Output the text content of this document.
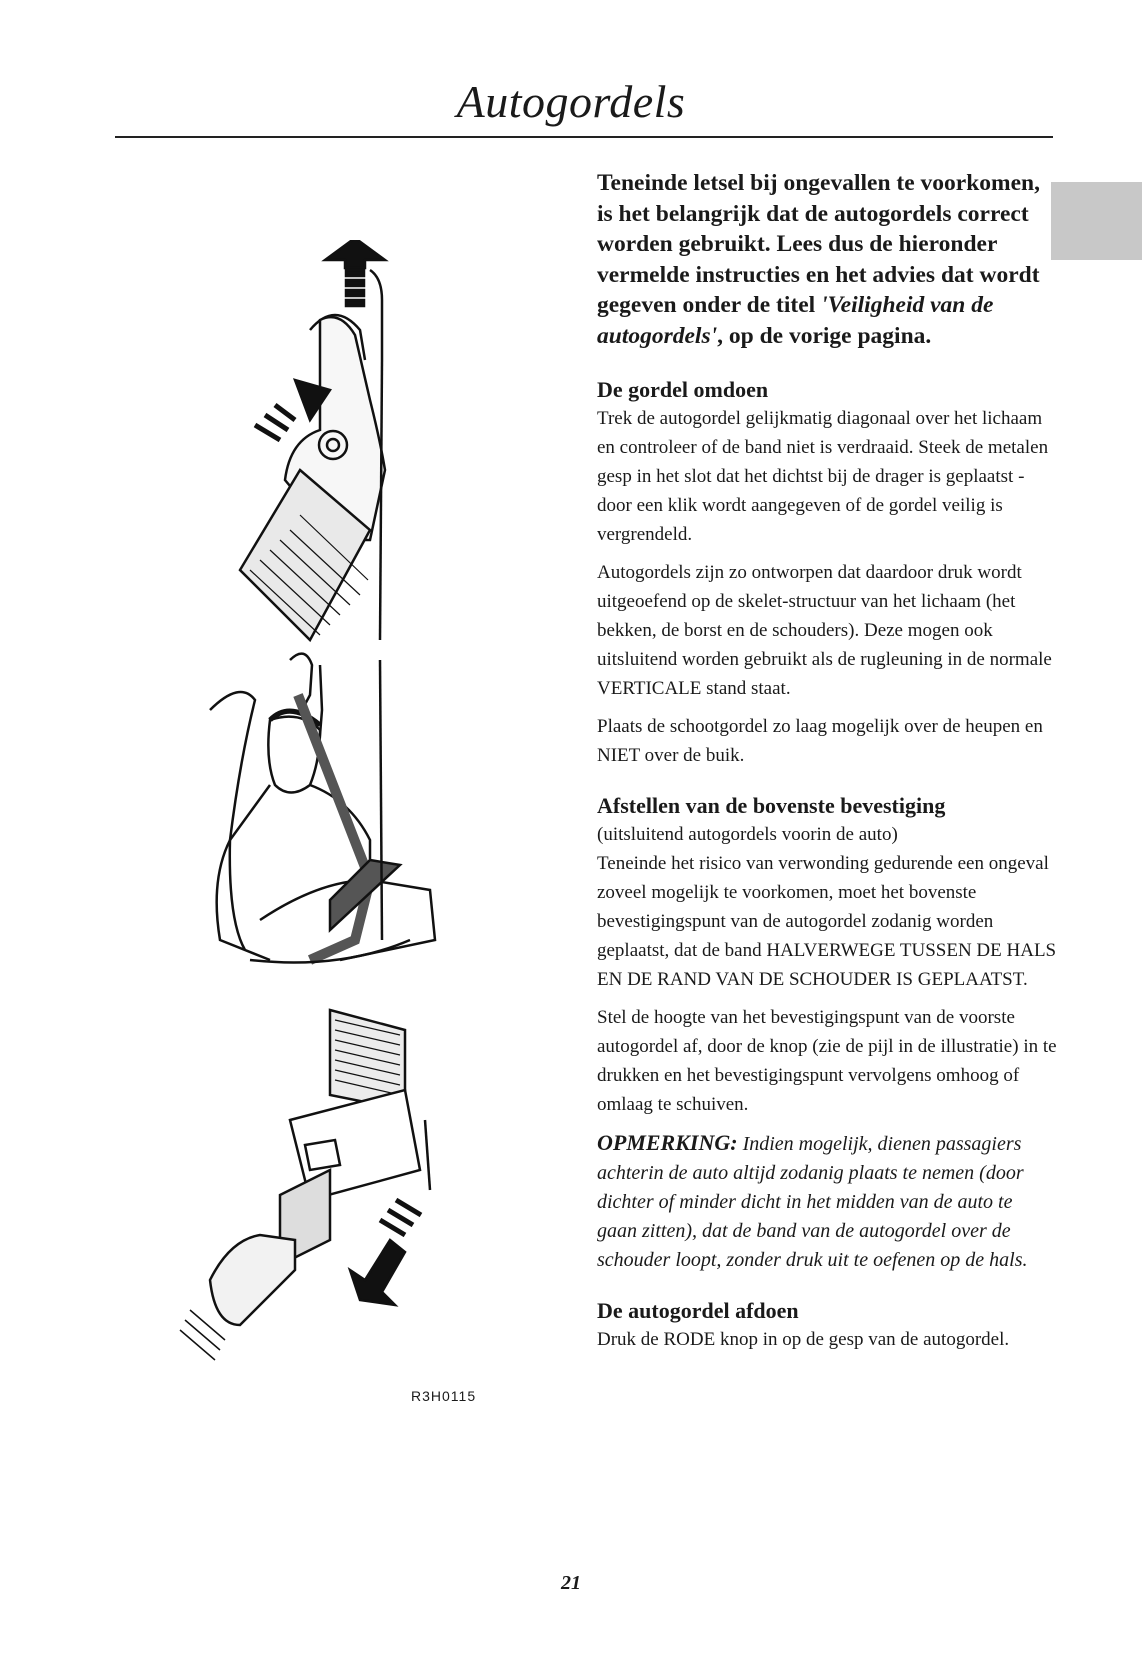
Autogordels
R3H0115
Teneinde letsel bij ongevallen te voorkomen, is het belangrijk dat de autogordels correct worden gebruikt. Lees dus de hieronder vermelde instructies en het advies dat wordt gegeven onder de titel 'Veiligheid van de autogordels', op de vorige pagina.
De gordel omdoen

Trek de autogordel gelijkmatig diagonaal over het lichaam en controleer of de band niet is verdraaid. Steek de metalen gesp in het slot dat het dichtst bij de drager is geplaatst - door een klik wordt aangegeven of de gordel veilig is vergrendeld.

Autogordels zijn zo ontworpen dat daardoor druk wordt uitgeoefend op de skelet-structuur van het lichaam (het bekken, de borst en de schouders). Deze mogen ook uitsluitend worden gebruikt als de rugleuning in de normale VERTICALE stand staat.

Plaats de schootgordel zo laag mogelijk over de heupen en NIET over de buik.

Afstellen van de bovenste bevestiging

(uitsluitend autogordels voorin de auto)

Teneinde het risico van verwonding gedurende een ongeval zoveel mogelijk te voorkomen, moet het bovenste bevestigingspunt van de autogordel zodanig worden geplaatst, dat de band HALVERWEGE TUSSEN DE HALS EN DE RAND VAN DE SCHOUDER IS GEPLAATST.

Stel de hoogte van het bevestigingspunt van de voorste autogordel af, door de knop (zie de pijl in de illustratie) in te drukken en het bevestigingspunt vervolgens omhoog of omlaag te schuiven.

OPMERKING: Indien mogelijk, dienen passagiers achterin de auto altijd zodanig plaats te nemen (door dichter of minder dicht in het midden van de auto te gaan zitten), dat de band van de autogordel over de schouder loopt, zonder druk uit te oefenen op de hals.
De autogordel afdoen

Druk de RODE knop in op de gesp van de autogordel.

21
